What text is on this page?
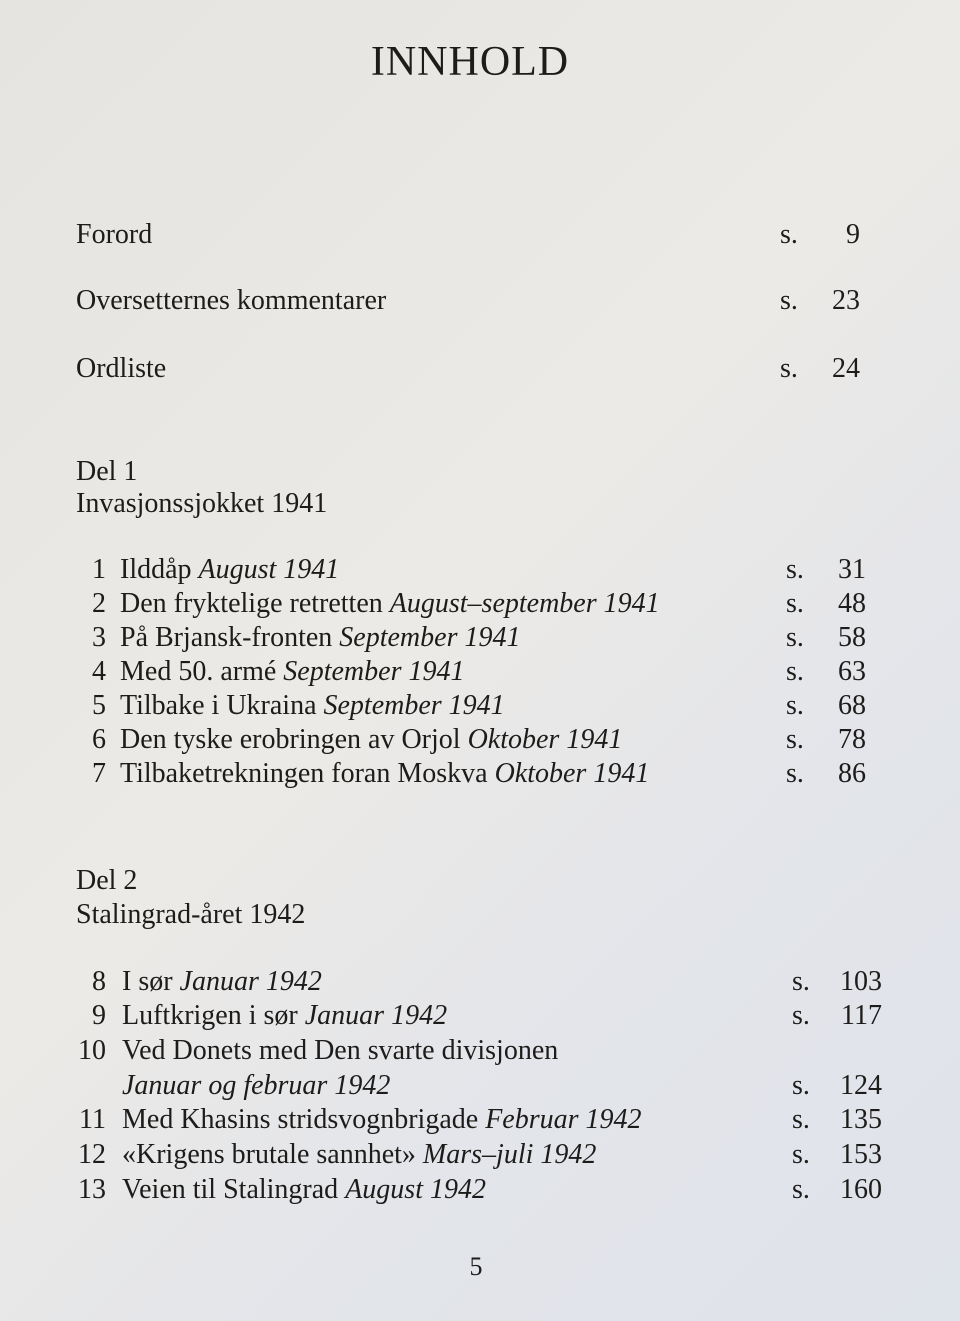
INNHOLD
Forord	s. 9
Oversetternes kommentarer	s. 23
Ordliste	s. 24
Del 1
Invasjonssjokket 1941
1 Ilddåp August 1941	s. 31
2 Den fryktelige retretten August–september 1941	s. 48
3 På Brjansk-fronten September 1941	s. 58
4 Med 50. armé September 1941	s. 63
5 Tilbake i Ukraina September 1941	s. 68
6 Den tyske erobringen av Orjol Oktober 1941	s. 78
7 Tilbaketrekningen foran Moskva Oktober 1941	s. 86
Del 2
Stalingrad-året 1942
8 I sør Januar 1942	s. 103
9 Luftkrigen i sør Januar 1942	s. 117
10 Ved Donets med Den svarte divisjonen
Januar og februar 1942	s. 124
11 Med Khasins stridsvognbrigade Februar 1942	s. 135
12 «Krigens brutale sannhet» Mars–juli 1942	s. 153
13 Veien til Stalingrad August 1942	s. 160
5
